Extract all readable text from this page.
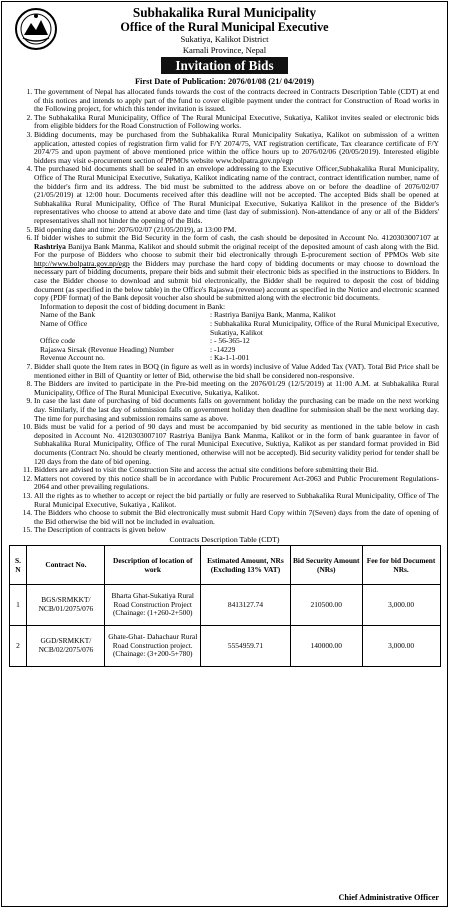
Subhakalika Rural Municipality
Office of the Rural Municipal Executive
Sukatiya, Kalikot District
Karnali Province, Nepal
Invitation of Bids
First Date of Publication: 2076/01/08 (21/ 04/2019)
1. The government of Nepal has allocated funds towards the cost of the contracts decreed in Contracts Description Table (CDT) at end of this notices and intends to apply part of the fund to cover eligible payment under the contract for Construction of Road works in the Following project, for which this tender invitation is issued.
2. The Subhakalika Rural Municipality, Office of The Rural Municipal Executive, Sukatiya, Kalikot invites sealed or electronic bids from eligible bidders for the Road Construction of Following works.
3. Bidding documents, may be purchased from the Subhakalika Rural Municipality Sukatiya, Kalikot on submission of a written application, attested copies of registration firm valid for F/Y 2074/75, VAT registration certificate, Tax clearance certificate of F/Y 2074/75 and upon payment of above mentioned price within the office hours up to 2076/02/06 (20/05/2019). Interested eligible bidders may visit e-procurement section of PPMOs website www.bolpatra.gov.np/egp
4. The purchased bid documents shall be sealed in an envelope addressing to the Executive Officer,Subhakalika Rural Municipality, Office of The Rural Municipal Executive, Sukatiya, Kalikot indicating name of the contract, contract identification number, name of the bidder's firm and its address. The bid must be submitted to the address above on or before the deadline of 2076/02/07 (21/05/2019) at 12:00 hour. Documents received after this deadline will not be accepted. The accepted Bids shall be opened at Subhakalika Rural Municipality, Office of The Rural Municipal Executive, Sukatiya Kalikot in the presence of the Bidder's representatives who choose to attend at above date and time (last day of submission). Non-attendance of any or all of the Bidders' representatives shall not hinder the opening of the Bids.
5. Bid opening date and time: 2076/02/07 (21/05/2019), at 13:00 PM.
6. If bidder wishes to submit the Bid Security in the form of cash, the cash should be deposited in Account No. 4120303007107 at Rashtriya Banijya Bank Manma, Kalikot and should submit the original receipt of the deposited amount of cash along with the Bid. For the purpose of Bidders who choose to submit their bid electronically through E-procurement section of PPMOs Web site http://www.bolpatra.gov.np/egp the Bidders may purchase the hard copy of bidding documents or may choose to download the necessary part of bidding documents, prepare their bids and submit their electronic bids as specified in the instructions to Bidders. In case the Bidder choose to download and submit bid electronically, the Bidder shall be required to deposit the cost of bidding document (as specified in the below table) in the Office's Rajaswa (revenue) account as specified in the Notice and electronic scanned copy (PDF format) of the Bank deposit voucher also should be submitted along with the electronic bid documents.
Information to deposit the cost of bidding document in Bank:
Name of the Bank	: Rastriya Banijya Bank, Manma, Kalikot
Name of Office	: Subhakalika Rural Municipality, Office of the Rural Municipal Executive, Sukatiya, Kalikot
Office code	: - 56-365-12
Rajaswa Sirsak (Revenue Heading) Number	: -14229
Revenue Account no.	: Ka-1-1-001
7. Bidder shall quote the Item rates in BOQ (in figure as well as in words) inclusive of Value Added Tax (VAT). Total Bid Price shall be mentioned either in Bill of Quantity or letter of Bid, otherwise the bid shall be considered non-responsive.
8. The Bidders are invited to participate in the Pre-bid meeting on the 2076/01/29 (12/5/2019) at 11:00 A.M. at Subhakalika Rural Municipality, Office of The Rural Municipal Executive, Sukatiya, Kalikot.
9. In case the last date of purchasing of bid documents falls on government holiday the purchasing can be made on the next working day. Similarly, if the last day of submission falls on government holiday then deadline for submission shall be the next working day. The time for purchasing and submission remains same as above.
10. Bids must be valid for a period of 90 days and must be accompanied by bid security as mentioned in the table below in cash deposited in Account No. 4120303007107 Rastriya Banijya Bank Manma, Kalikot or in the form of bank guarantee in favor of Subhakalika Rural Municipality, Office of The rural Municipal Executive, Suktiya, Kalikot as per standard format provided in Bid documents (Contract No. should be clearly mentioned, otherwise will not be accepted). Bid security validity period for tender shall be 120 days from the date of bid opening.
11. Bidders are advised to visit the Construction Site and access the actual site conditions before submitting their Bid.
12. Matters not covered by this notice shall be in accordance with Public Procurement Act-2063 and Public Procurement Regulations-2064 and other prevailing regulations.
13. All the rights as to whether to accept or reject the bid partially or fully are reserved to Subhakalika Rural Municipality, Office of The Rural Municipal Executive, Sukatiya , Kalikot.
14. The Bidders who choose to submit the Bid electronically must submit Hard Copy within 7(Seven) days from the date of opening of the Bid otherwise the bid will not be included in evaluation.
15. The Description of contracts is given below
Contracts Description Table (CDT)
S. N	Contract No.	Description of location of work	Estimated Amount, NRs (Excluding 13% VAT)	Bid Security Amount (NRs)	Fee for bid Document NRs.
1	BGS/SRMKKT/ NCB/01/2075/076	Bharta Ghat-Sukatiya Rural Road Construction Project (Chainage: (1+260-2+500)	8413127.74	210500.00	3,000.00
2	GGD/SRMKKT/ NCB/02/2075/076	Ghate-Ghat- Dahachaur Rural Road Construction project. (Chainage: (3+200-5+780)	5554959.71	140000.00	3,000.00
Chief Administrative Officer
